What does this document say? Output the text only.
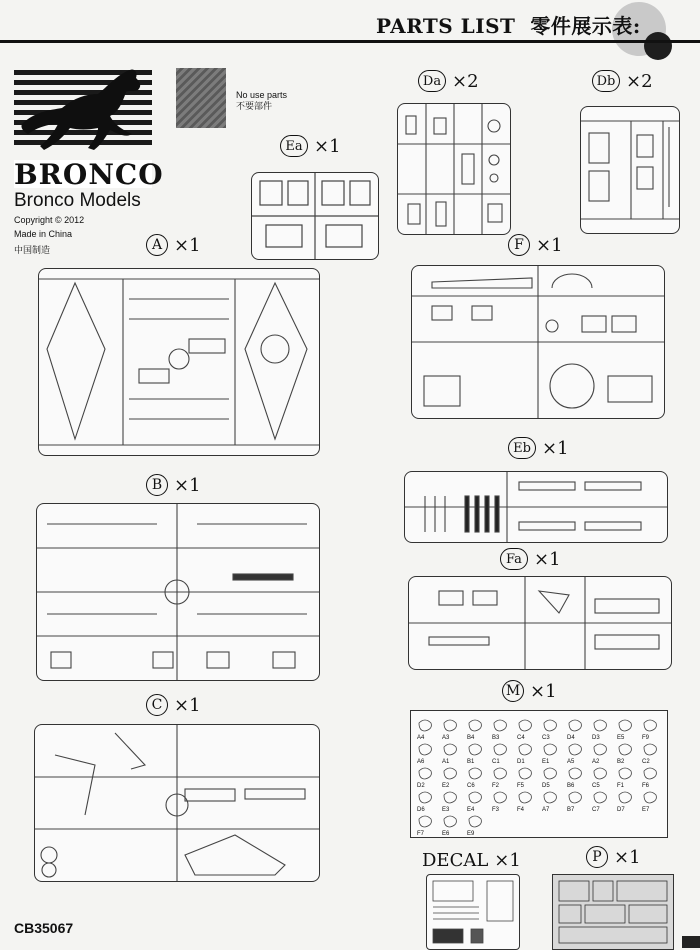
PARTS LIST 零件展示表:
BRONCO
Bronco Models
Copyright © 2012
Made in China
中国制造
No use parts
不要部件
Da ×2	Db ×2
Ea ×1
A ×1	F ×1
Eb ×1
B ×1
Fa ×1
M ×1
C ×1
DECAL ×1	P ×1
A4	A3	B4	B3	C4	C3	D4	D3	E5	F9
A6	A1	B1	C1	D1	E1	A5	A2	B2	C2
D2	E2	C6	F2	F5	D5	B6	C5	F1	F6
D6	E3	E4	F3	F4	A7	B7	C7	D7	E7
F7	E6	E9
CB35067
